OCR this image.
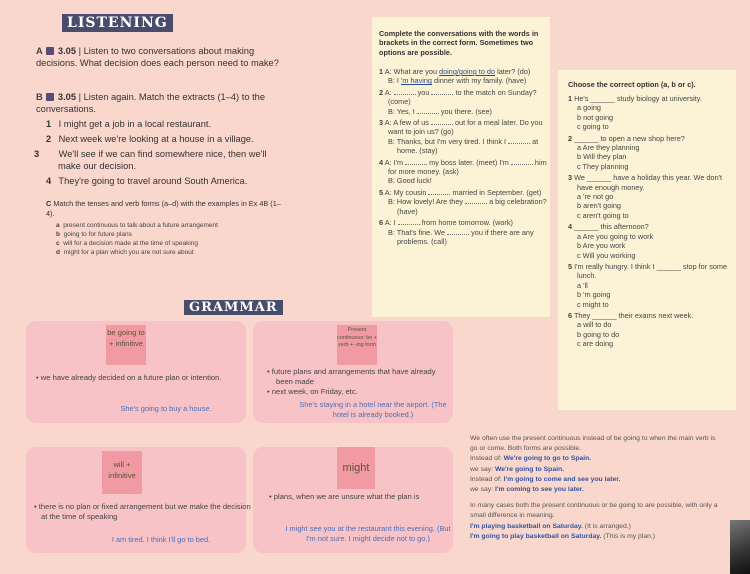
LISTENING
A 3.05 | Listen to two conversations about making decisions. What decision does each person need to make?
B 3.05 | Listen again. Match the extracts (1–4) to the conversations.
1 I might get a job in a local restaurant.
2 Next week we're looking at a house in a village.
3 We'll see if we can find somewhere nice, then we'll make our decision.
4 They're going to travel around South America.
C Match the tenses and verb forms (a–d) with the examples in Ex 4B (1–4).
a present continuous to talk about a future arrangement
b going to for future plans
c will for a decision made at the time of speaking
d might for a plan which you are not sure about
GRAMMAR
be going to + infinitive
• we have already decided on a future plan or intention.
She's going to buy a house.
Present continuous: be + verb + -ing form
• future plans and arrangements that have already been made
• next week, on Friday, etc.
She's staying in a hotel near the airport. (The hotel is already booked.)
will + infinitive
• there is no plan or fixed arrangement but we make the decision at the time of speaking
I am tired. I think I'll go to bed.
might
• plans, when we are unsure what the plan is
I might see you at the restaurant this evening. (But I'm not sure. I might decide not to go.)
Complete the conversations with the words in brackets in the correct form. Sometimes two options are possible.
1 A: What are you doing/going to do later? (do)
B: I 'm having dinner with my family. (have)
2 A:	you	to the match on Sunday? (come)
B: Yes, I	you there. (see)
3 A: A few of us	out for a meal later. Do you want to join us? (go)
B: Thanks, but I'm very tired. I think I	at home. (stay)
4 A: I'm	my boss later. (meet) I'm	him for more money. (ask)
B: Good luck!
5 A: My cousin	married in September. (get)
B: How lovely! Are they	a big celebration? (have)
6 A: I	from home tomorrow. (work)
B: That's fine. We	you if there are any problems. (call)
Choose the correct option (a, b or c).
1 He's ______ study biology at university.
a going
b not going
c going to
2 ______ to open a new shop here?
a Are they planning
b Will they plan
c They planning
3 We ______ have a holiday this year. We don't have enough money.
a 're not go
b aren't going
c aren't going to
4 ______ this afternoon?
a Are you going to work
b Are you work
c Will you working
5 I'm really hungry. I think I ______ stop for some lunch.
a 'll
b 'm going
c might to
6 They ______ their exams next week.
a will to do
b going to do
c are doing
We often use the present continuous instead of be going to when the main verb is go or come. Both forms are possible.
Instead of: We're going to go to Spain.
we say: We're going to Spain.
Instead of: I'm going to come and see you later.
we say: I'm coming to see you later.
In many cases both the present continuous or be going to are possible, with only a small difference in meaning.
I'm playing basketball on Saturday. (It is arranged.)
I'm going to play basketball on Saturday. (This is my plan.)
